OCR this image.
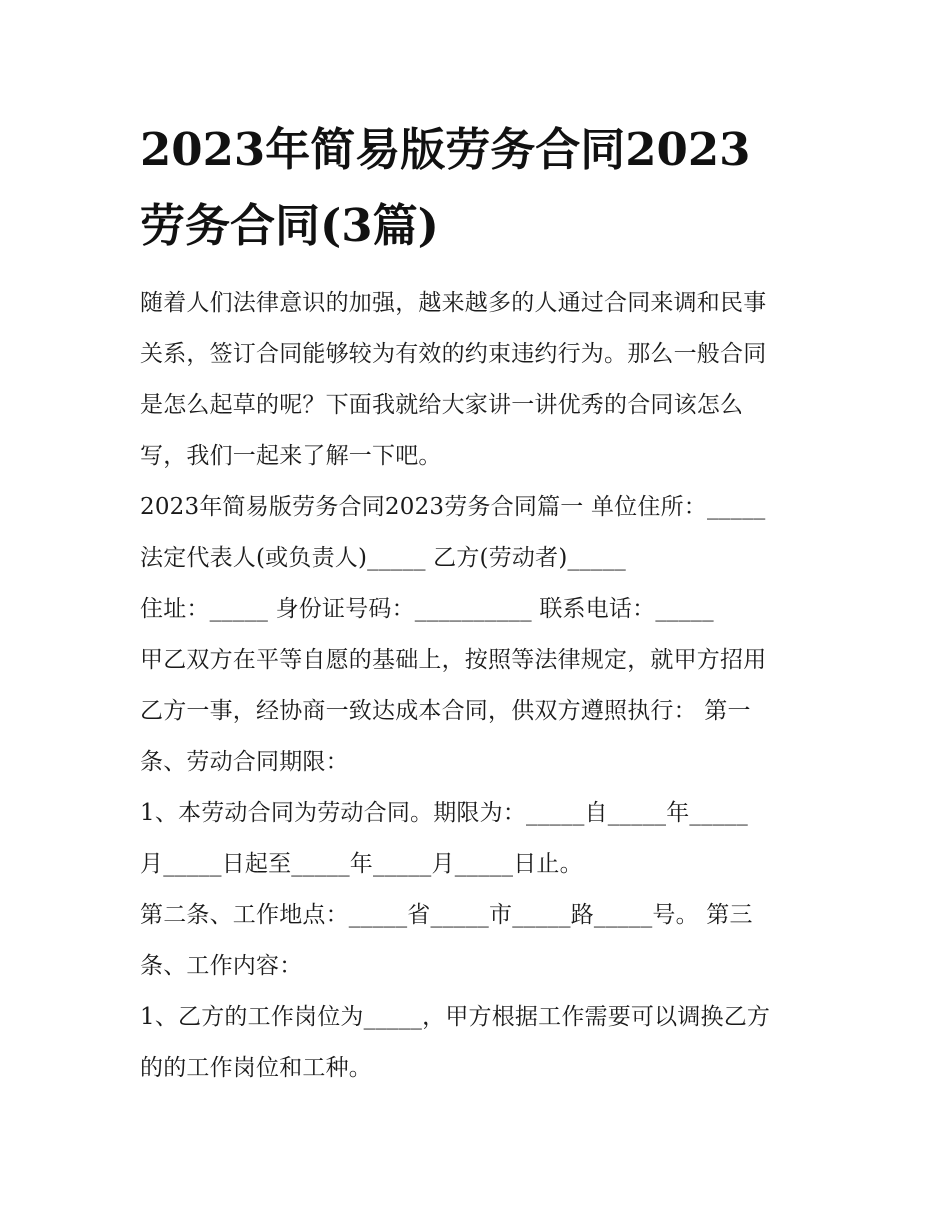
2023年简易版劳务合同2023
劳务合同(3篇)

随着人们法律意识的加强，越来越多的人通过合同来调和民事
关系，签订合同能够较为有效的约束违约行为。那么一般合同
是怎么起草的呢？下面我就给大家讲一讲优秀的合同该怎么
写，我们一起来了解一下吧。

2023年简易版劳务合同2023劳务合同篇一 单位住所：_____
法定代表人(或负责人)_____ 乙方(劳动者)_____

住址：_____ 身份证号码：__________ 联系电话：_____

甲乙双方在平等自愿的基础上，按照等法律规定，就甲方招用
乙方一事，经协商一致达成本合同，供双方遵照执行： 第一
条、劳动合同期限：

1、本劳动合同为劳动合同。期限为：_____自_____年_____
月_____日起至_____年_____月_____日止。

第二条、工作地点：_____省_____市_____路_____号。 第三
条、工作内容：

1、乙方的工作岗位为_____，甲方根据工作需要可以调换乙方
的的工作岗位和工种。
